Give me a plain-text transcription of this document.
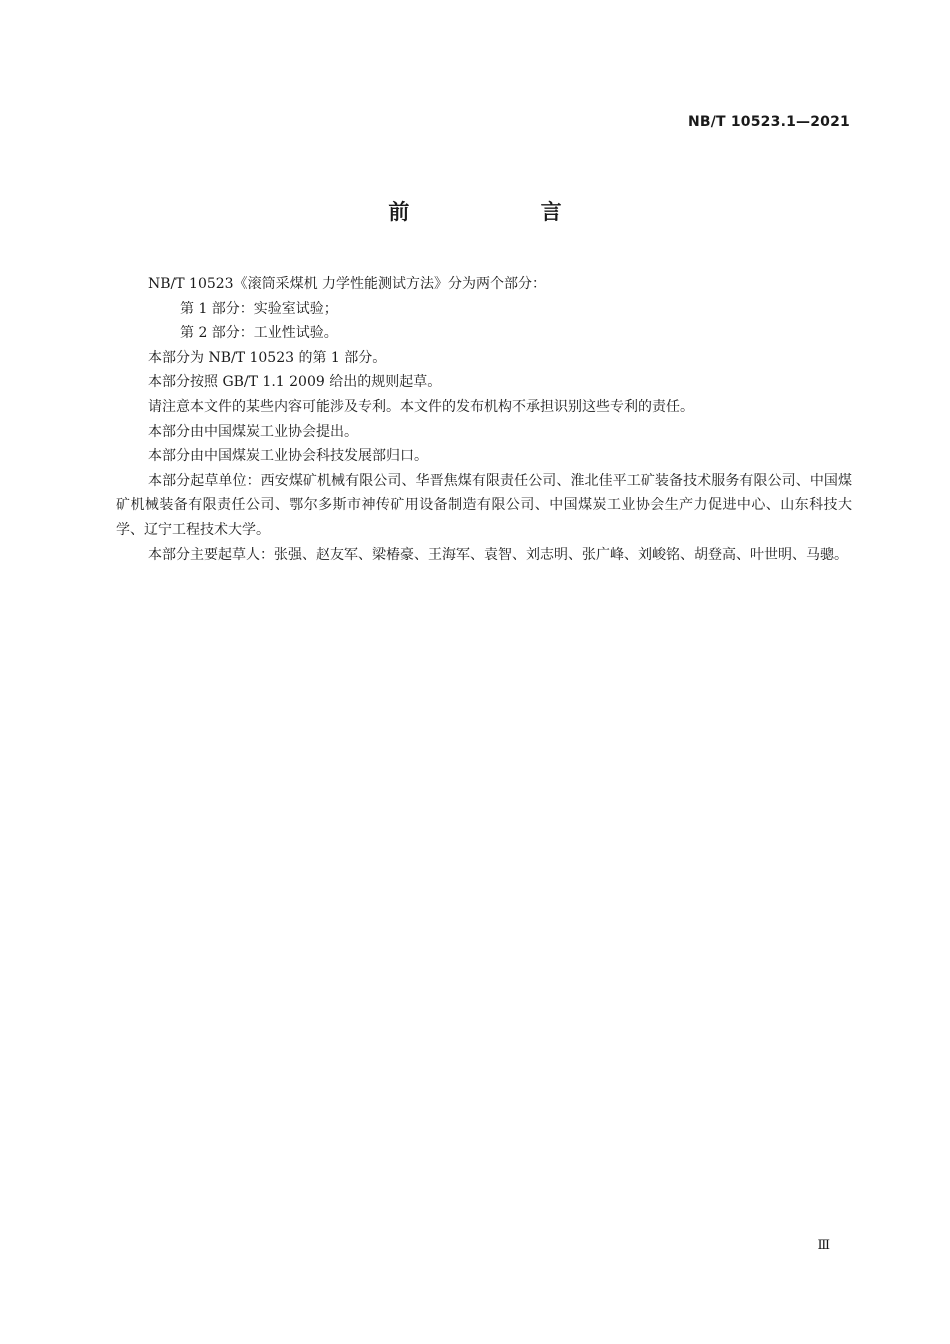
NB/T 10523.1—2021
前 言

NB/T 10523《滚筒采煤机 力学性能测试方法》分为两个部分：

第 1 部分：实验室试验；

第 2 部分：工业性试验。

本部分为 NB/T 10523 的第 1 部分。

本部分按照 GB/T 1.1 2009 给出的规则起草。

请注意本文件的某些内容可能涉及专利。本文件的发布机构不承担识别这些专利的责任。

本部分由中国煤炭工业协会提出。

本部分由中国煤炭工业协会科技发展部归口。

本部分起草单位：西安煤矿机械有限公司、华晋焦煤有限责任公司、淮北佳平工矿装备技术服务有限公司、中国煤矿机械装备有限责任公司、鄂尔多斯市神传矿用设备制造有限公司、中国煤炭工业协会生产力促进中心、山东科技大学、辽宁工程技术大学。

本部分主要起草人：张强、赵友军、梁椿豪、王海军、袁智、刘志明、张广峰、刘峻铭、胡登高、叶世明、马骢。

Ⅲ
